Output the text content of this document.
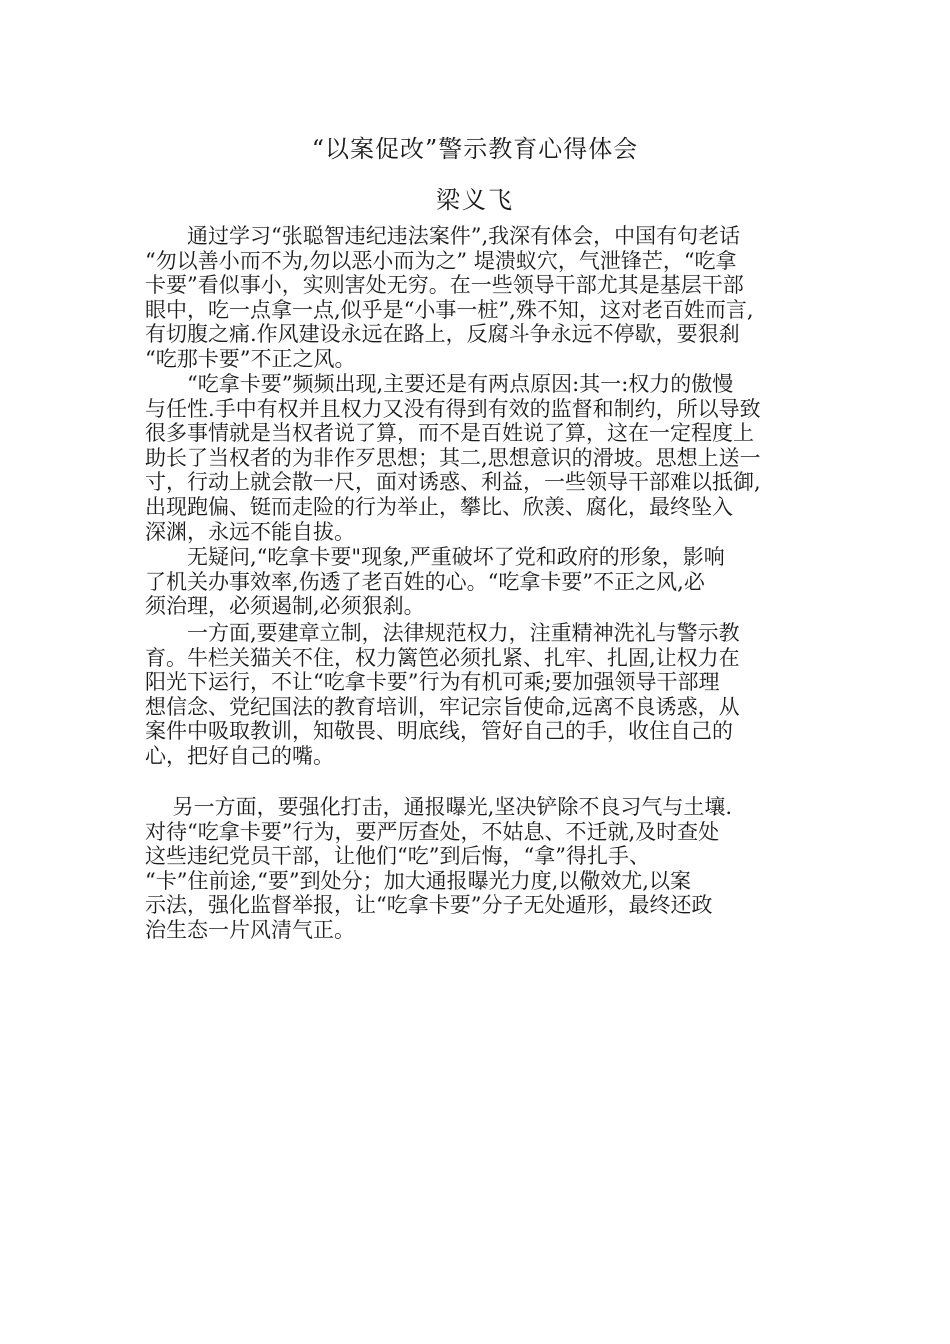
“以案促改”警示教育心得体会
梁义飞
　　通过学习“张聪智违纪违法案件”,我深有体会，中国有句老话
“勿以善小而不为,勿以恶小而为之” 堤溃蚁穴，气泄锋芒，“吃拿
卡要”看似事小，实则害处无穷。在一些领导干部尤其是基层干部
眼中，吃一点拿一点,似乎是“小事一桩”,殊不知，这对老百姓而言,
有切腹之痛.作风建设永远在路上，反腐斗争永远不停歇，要狠刹
“吃那卡要”不正之风。
　　“吃拿卡要”频频出现,主要还是有两点原因:其一:权力的傲慢
与任性.手中有权并且权力又没有得到有效的监督和制约，所以导致
很多事情就是当权者说了算，而不是百姓说了算，这在一定程度上
助长了当权者的为非作歹思想；其二,思想意识的滑坡。思想上送一
寸，行动上就会散一尺，面对诱惑、利益，一些领导干部难以抵御,
出现跑偏、铤而走险的行为举止，攀比、欣羡、腐化，最终坠入
深渊，永远不能自拔。
　　无疑问,“吃拿卡要"现象,严重破坏了党和政府的形象，影响
了机关办事效率,伤透了老百姓的心。“吃拿卡要”不正之风,必
须治理，必须遏制,必须狠刹。
　　一方面,要建章立制，法律规范权力，注重精神洗礼与警示教
育。牛栏关猫关不住，权力篱笆必须扎紧、扎牢、扎固,让权力在
阳光下运行，不让“吃拿卡要”行为有机可乘;要加强领导干部理
想信念、党纪国法的教育培训，牢记宗旨使命,远离不良诱惑，从
案件中吸取教训，知敬畏、明底线，管好自己的手，收住自己的
心，把好自己的嘴。
　 另一方面，要强化打击，通报曝光,坚决铲除不良习气与土壤.
对待“吃拿卡要”行为，要严厉查处，不姑息、不迁就,及时查处
这些违纪党员干部，让他们“吃”到后悔，“拿”得扎手、
“卡”住前途,“要”到处分；加大通报曝光力度,以儆效尤,以案
示法，强化监督举报，让“吃拿卡要”分子无处遁形，最终还政
治生态一片风清气正。
